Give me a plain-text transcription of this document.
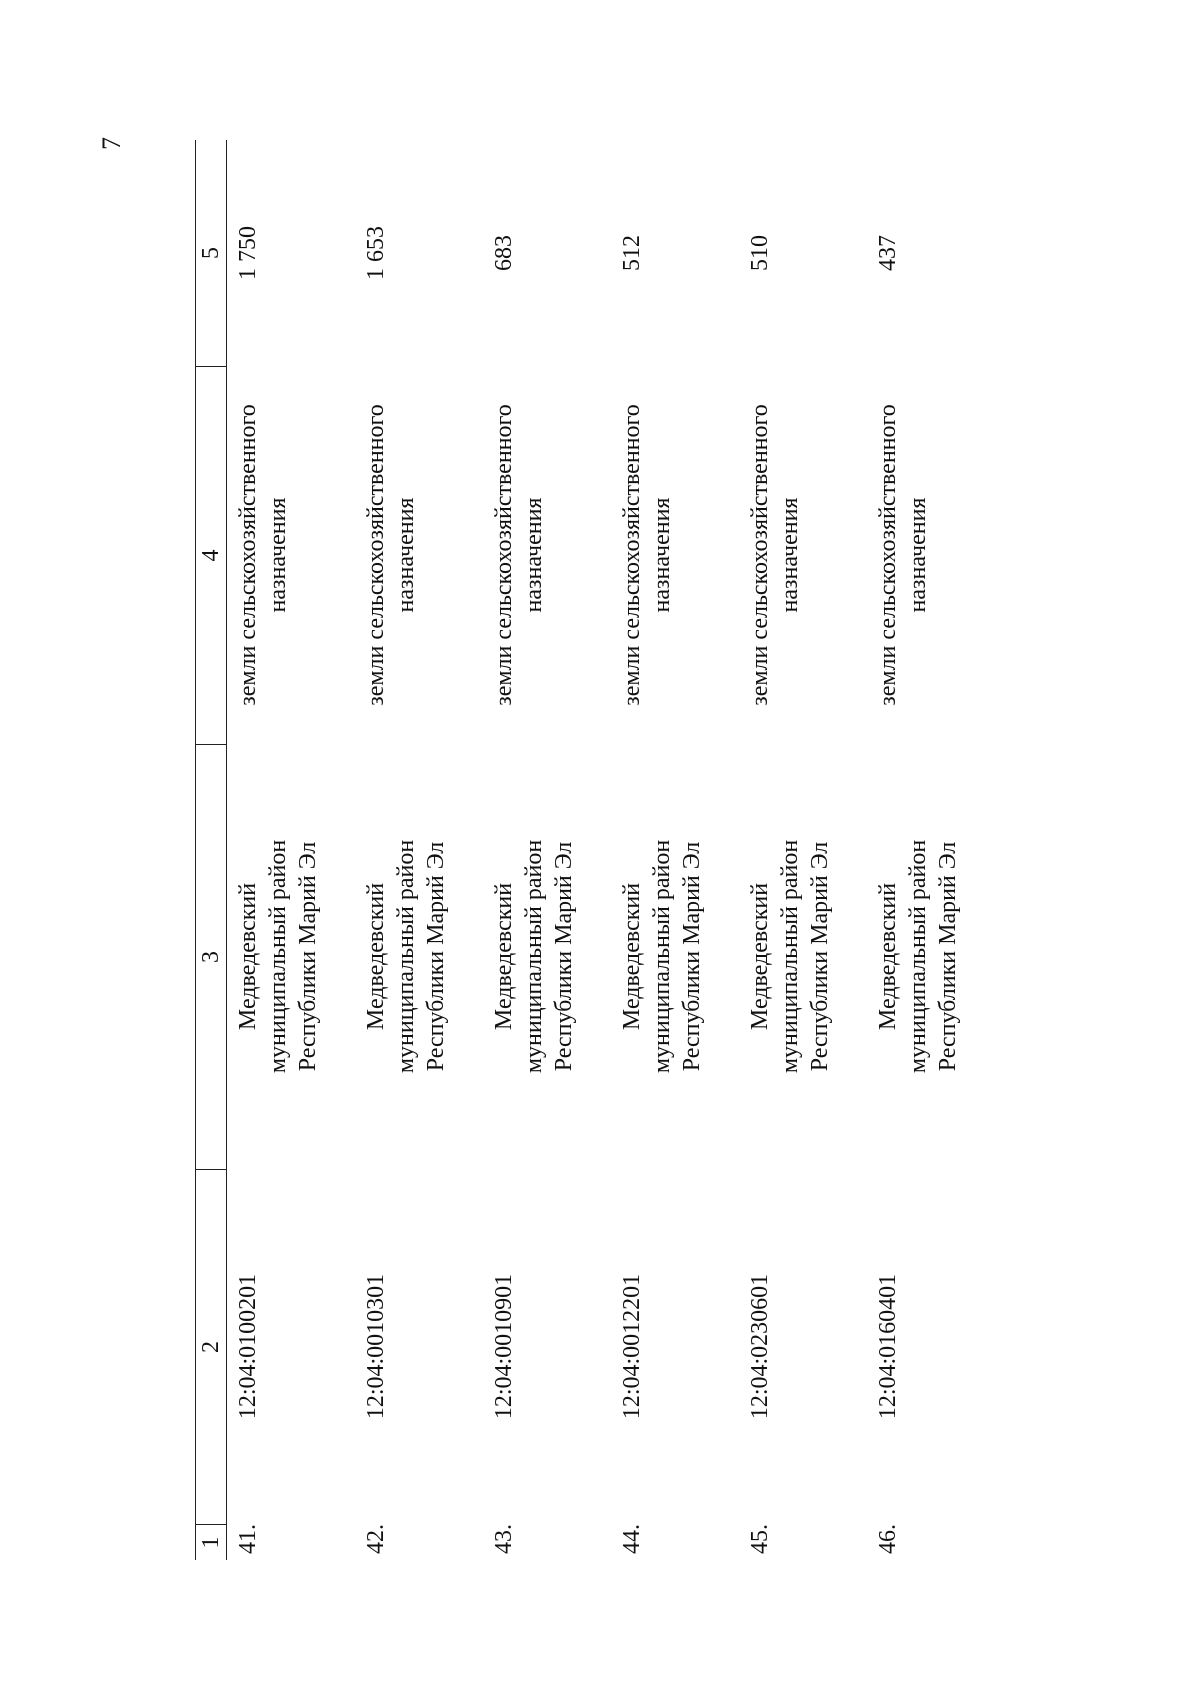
7
1
2
3
4
5
41.
12:04:0100201
Медведевский муниципальный район Республики Марий Эл
земли сельскохозяйственного назначения
1 750
42.
12:04:0010301
Медведевский муниципальный район Республики Марий Эл
земли сельскохозяйственного назначения
1 653
43.
12:04:0010901
Медведевский муниципальный район Республики Марий Эл
земли сельскохозяйственного назначения
683
44.
12:04:0012201
Медведевский муниципальный район Республики Марий Эл
земли сельскохозяйственного назначения
512
45.
12:04:0230601
Медведевский муниципальный район Республики Марий Эл
земли сельскохозяйственного назначения
510
46.
12:04:0160401
Медведевский муниципальный район Республики Марий Эл
земли сельскохозяйственного назначения
437
